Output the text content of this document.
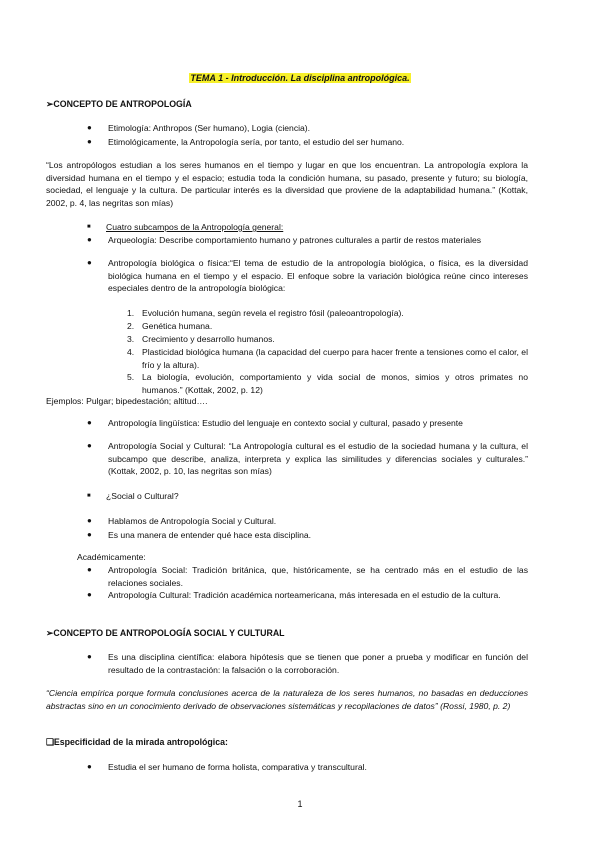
TEMA 1 - Introducción. La disciplina antropológica.
➢CONCEPTO DE ANTROPOLOGÍA
● Etimología: Anthropos (Ser humano), Logia (ciencia).
● Etimológicamente, la Antropología sería, por tanto, el estudio del ser humano.
“Los antropólogos estudian a los seres humanos en el tiempo y lugar en que los encuentran. La antropología explora la diversidad humana en el tiempo y el espacio; estudia toda la condición humana, su pasado, presente y futuro; su biología, sociedad, el lenguaje y la cultura. De particular interés es la diversidad que proviene de la adaptabilidad humana.” (Kottak, 2002, p. 4, las negritas son mías)
■ Cuatro subcampos de la Antropología general:
● Arqueología: Describe comportamiento humano y patrones culturales a partir de restos materiales
● Antropología biológica o física:“El tema de estudio de la antropología biológica, o física, es la diversidad biológica humana en el tiempo y el espacio. El enfoque sobre la variación biológica reúne cinco intereses especiales dentro de la antropología biológica:
1. Evolución humana, según revela el registro fósil (paleoantropología).
2. Genética humana.
3. Crecimiento y desarrollo humanos.
4. Plasticidad biológica humana (la capacidad del cuerpo para hacer frente a tensiones como el calor, el frío y la altura).
5. La biología, evolución, comportamiento y vida social de monos, simios y otros primates no humanos.” (Kottak, 2002, p. 12)
Ejemplos: Pulgar; bipedestación; altitud….
● Antropología lingüística: Estudio del lenguaje en contexto social y cultural, pasado y presente
● Antropología Social y Cultural: “La Antropología cultural es el estudio de la sociedad humana y la cultura, el subcampo que describe, analiza, interpreta y explica las similitudes y diferencias sociales y culturales.” (Kottak, 2002, p. 10, las negritas son mías)
■ ¿Social o Cultural?
● Hablamos de Antropología Social y Cultural.
● Es una manera de entender qué hace esta disciplina.
Académicamente:
● Antropología Social: Tradición británica, que, históricamente, se ha centrado más en el estudio de las relaciones sociales.
● Antropología Cultural: Tradición académica norteamericana, más interesada en el estudio de la cultura.
➢CONCEPTO DE ANTROPOLOGÍA SOCIAL Y CULTURAL
● Es una disciplina científica: elabora hipótesis que se tienen que poner a prueba y modificar en función del resultado de la contrastación: la falsación o la corroboración.
“Ciencia empírica porque formula conclusiones acerca de la naturaleza de los seres humanos, no basadas en deducciones abstractas sino en un conocimiento derivado de observaciones sistemáticas y recopilaciones de datos” (Rossi, 1980, p. 2)
❑Especificidad de la mirada antropológica:
● Estudia el ser humano de forma holista, comparativa y transcultural.
1
